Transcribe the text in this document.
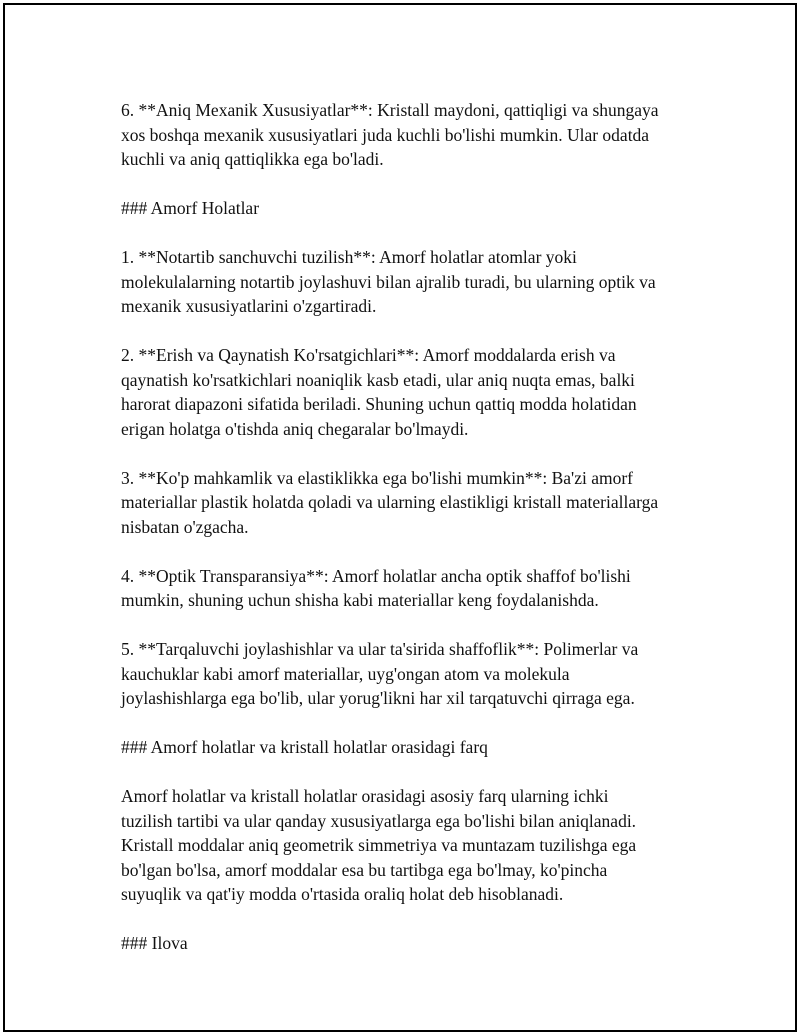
6. **Aniq Mexanik Xususiyatlar**: Kristall maydoni, qattiqligi va shungaya
xos boshqa mexanik xususiyatlari juda kuchli bo'lishi mumkin. Ular odatda
kuchli va aniq qattiqlikka ega bo'ladi.
### Amorf Holatlar
1. **Notartib sanchuvchi tuzilish**: Amorf holatlar atomlar yoki
molekulalarning notartib joylashuvi bilan ajralib turadi, bu ularning optik va
mexanik xususiyatlarini o'zgartiradi.
2. **Erish va Qaynatish Ko'rsatgichlari**: Amorf moddalarda erish va
qaynatish ko'rsatkichlari noaniqlik kasb etadi, ular aniq nuqta emas, balki
harorat diapazoni sifatida beriladi. Shuning uchun qattiq modda holatidan
erigan holatga o'tishda aniq chegaralar bo'lmaydi.
3. **Ko'p mahkamlik va elastiklikka ega bo'lishi mumkin**: Ba'zi amorf
materiallar plastik holatda qoladi va ularning elastikligi kristall materiallarga
nisbatan o'zgacha.
4. **Optik Transparansiya**: Amorf holatlar ancha optik shaffof bo'lishi
mumkin, shuning uchun shisha kabi materiallar keng foydalanishda.
5. **Tarqaluvchi joylashishlar va ular ta'sirida shaffoflik**: Polimerlar va
kauchuklar kabi amorf materiallar, uyg'ongan atom va molekula
joylashishlarga ega bo'lib, ular yorug'likni har xil tarqatuvchi qirraga ega.
### Amorf holatlar va kristall holatlar orasidagi farq
Amorf holatlar va kristall holatlar orasidagi asosiy farq ularning ichki
tuzilish tartibi va ular qanday xususiyatlarga ega bo'lishi bilan aniqlanadi.
Kristall moddalar aniq geometrik simmetriya va muntazam tuzilishga ega
bo'lgan bo'lsa, amorf moddalar esa bu tartibga ega bo'lmay, ko'pincha
suyuqlik va qat'iy modda o'rtasida oraliq holat deb hisoblanadi.
### Ilova
